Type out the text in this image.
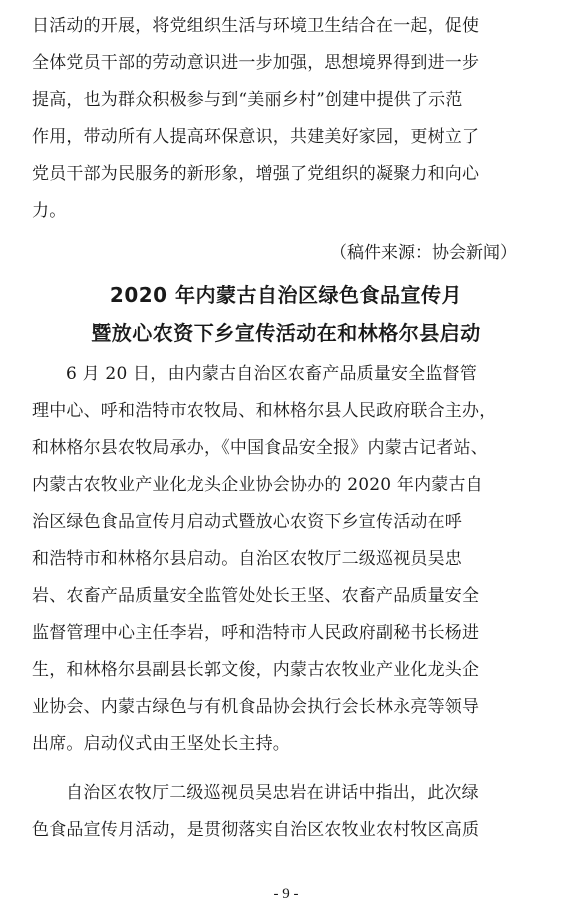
日活动的开展，将党组织生活与环境卫生结合在一起，促使
全体党员干部的劳动意识进一步加强，思想境界得到进一步
提高，也为群众积极参与到“美丽乡村”创建中提供了示范
作用，带动所有人提高环保意识，共建美好家园，更树立了
党员干部为民服务的新形象，增强了党组织的凝聚力和向心
力。
（稿件来源：协会新闻）
2020 年内蒙古自治区绿色食品宣传月
暨放心农资下乡宣传活动在和林格尔县启动
6 月 20 日，由内蒙古自治区农畜产品质量安全监督管
理中心、呼和浩特市农牧局、和林格尔县人民政府联合主办，
和林格尔县农牧局承办，《中国食品安全报》内蒙古记者站、
内蒙古农牧业产业化龙头企业协会协办的 2020 年内蒙古自
治区绿色食品宣传月启动式暨放心农资下乡宣传活动在呼
和浩特市和林格尔县启动。自治区农牧厅二级巡视员吴忠
岩、农畜产品质量安全监管处处长王坚、农畜产品质量安全
监督管理中心主任李岩，呼和浩特市人民政府副秘书长杨进
生，和林格尔县副县长郭文俊，内蒙古农牧业产业化龙头企
业协会、内蒙古绿色与有机食品协会执行会长林永亮等领导
出席。启动仪式由王坚处长主持。
自治区农牧厅二级巡视员吴忠岩在讲话中指出，此次绿
色食品宣传月活动，是贯彻落实自治区农牧业农村牧区高质
- 9 -
